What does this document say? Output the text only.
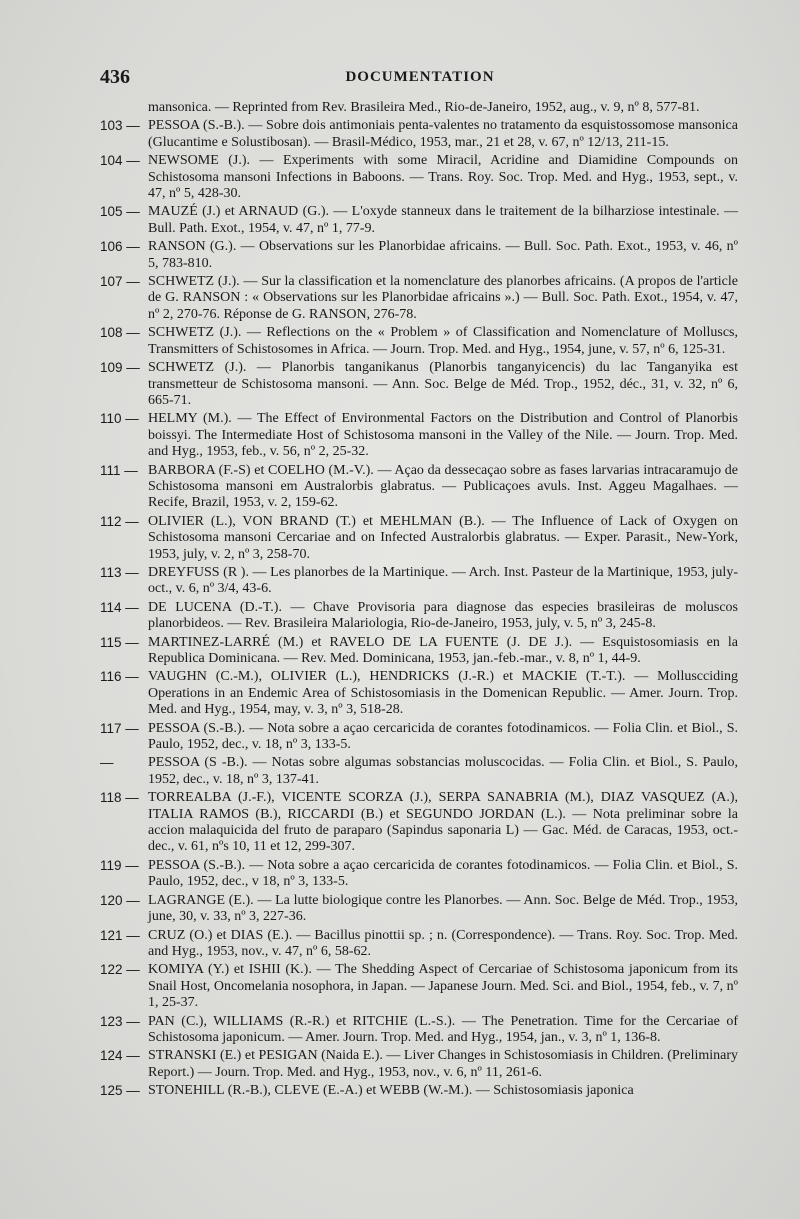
436	DOCUMENTATION
mansonica. — Reprinted from Rev. Brasileira Med., Rio-de-Janeiro, 1952, aug., v. 9, nº 8, 577-81.
103 — PESSOA (S.-B.). — Sobre dois antimoniais penta-valentes no tratamento da esquistossomose mansonica (Glucantime e Solustibosan). — Brasil-Médico, 1953, mar., 21 et 28, v. 67, nº 12/13, 211-15.
104 — NEWSOME (J.). — Experiments with some Miracil, Acridine and Diamidine Compounds on Schistosoma mansoni Infections in Baboons. — Trans. Roy. Soc. Trop. Med. and Hyg., 1953, sept., v. 47, nº 5, 428-30.
105 — MAUZÉ (J.) et ARNAUD (G.). — L'oxyde stanneux dans le traitement de la bilharziose intestinale. — Bull. Path. Exot., 1954, v. 47, nº 1, 77-9.
106 — RANSON (G.). — Observations sur les Planorbidae africains. — Bull. Soc. Path. Exot., 1953, v. 46, nº 5, 783-810.
107 — SCHWETZ (J.). — Sur la classification et la nomenclature des planorbes africains. (A propos de l'article de G. RANSON : « Observations sur les Planorbidae africains ».) — Bull. Soc. Path. Exot., 1954, v. 47, nº 2, 270-76. Réponse de G. RANSON, 276-78.
108 — SCHWETZ (J.). — Reflections on the « Problem » of Classification and Nomenclature of Molluscs, Transmitters of Schistosomes in Africa. — Journ. Trop. Med. and Hyg., 1954, june, v. 57, nº 6, 125-31.
109 — SCHWETZ (J.). — Planorbis tanganikanus (Planorbis tanganyicencis) du lac Tanganyika est transmetteur de Schistosoma mansoni. — Ann. Soc. Belge de Méd. Trop., 1952, déc., 31, v. 32, nº 6, 665-71.
110 — HELMY (M.). — The Effect of Environmental Factors on the Distribution and Control of Planorbis boissyi. The Intermediate Host of Schistosoma mansoni in the Valley of the Nile. — Journ. Trop. Med. and Hyg., 1953, feb., v. 56, nº 2, 25-32.
111 — BARBORA (F.-S) et COELHO (M.-V.). — Açao da dessecaçao sobre as fases larvarias intracaramujo de Schistosoma mansoni em Australorbis glabratus. — Publicaçoes avuls. Inst. Aggeu Magalhaes. — Recife, Brazil, 1953, v. 2, 159-62.
112 — OLIVIER (L.), VON BRAND (T.) et MEHLMAN (B.). — The Influence of Lack of Oxygen on Schistosoma mansoni Cercariae and on Infected Australorbis glabratus. — Exper. Parasit., New-York, 1953, july, v. 2, nº 3, 258-70.
113 — DREYFUSS (R ). — Les planorbes de la Martinique. — Arch. Inst. Pasteur de la Martinique, 1953, july-oct., v. 6, nº 3/4, 43-6.
114 — DE LUCENA (D.-T.). — Chave Provisoria para diagnose das especies brasileiras de moluscos planorbideos. — Rev. Brasileira Malariologia, Rio-de-Janeiro, 1953, july, v. 5, nº 3, 245-8.
115 — MARTINEZ-LARRÉ (M.) et RAVELO DE LA FUENTE (J. DE J.). — Esquistosomiasis en la Republica Dominicana. — Rev. Med. Dominicana, 1953, jan.-feb.-mar., v. 8, nº 1, 44-9.
116 — VAUGHN (C.-M.), OLIVIER (L.), HENDRICKS (J.-R.) et MACKIE (T.-T.). — Molluscciding Operations in an Endemic Area of Schistosomiasis in the Domenican Republic. — Amer. Journ. Trop. Med. and Hyg., 1954, may, v. 3, nº 3, 518-28.
117 — PESSOA (S.-B.). — Nota sobre a açao cercaricida de corantes fotodinamicos. — Folia Clin. et Biol., S. Paulo, 1952, dec., v. 18, nº 3, 133-5.
—	PESSOA (S -B.). — Notas sobre algumas sobstancias moluscocidas. — Folia Clin. et Biol., S. Paulo, 1952, dec., v. 18, nº 3, 137-41.
118 — TORREALBA (J.-F.), VICENTE SCORZA (J.), SERPA SANABRIA (M.), DIAZ VASQUEZ (A.), ITALIA RAMOS (B.), RICCARDI (B.) et SEGUNDO JORDAN (L.). — Nota preliminar sobre la accion malaquicida del fruto de paraparo (Sapindus saponaria L) — Gac. Méd. de Caracas, 1953, oct.-dec., v. 61, nºs 10, 11 et 12, 299-307.
119 — PESSOA (S.-B.). — Nota sobre a açao cercaricida de corantes fotodinamicos. — Folia Clin. et Biol., S. Paulo, 1952, dec., v 18, nº 3, 133-5.
120 — LAGRANGE (E.). — La lutte biologique contre les Planorbes. — Ann. Soc. Belge de Méd. Trop., 1953, june, 30, v. 33, nº 3, 227-36.
121 — CRUZ (O.) et DIAS (E.). — Bacillus pinottii sp. ; n. (Correspondence). — Trans. Roy. Soc. Trop. Med. and Hyg., 1953, nov., v. 47, nº 6, 58-62.
122 — KOMIYA (Y.) et ISHII (K.). — The Shedding Aspect of Cercariae of Schistosoma japonicum from its Snail Host, Oncomelania nosophora, in Japan. — Japanese Journ. Med. Sci. and Biol., 1954, feb., v. 7, nº 1, 25-37.
123 — PAN (C.), WILLIAMS (R.-R.) et RITCHIE (L.-S.). — The Penetration. Time for the Cercariae of Schistosoma japonicum. — Amer. Journ. Trop. Med. and Hyg., 1954, jan., v. 3, nº 1, 136-8.
124 — STRANSKI (E.) et PESIGAN (Naida E.). — Liver Changes in Schistosomiasis in Children. (Preliminary Report.) — Journ. Trop. Med. and Hyg., 1953, nov., v. 6, nº 11, 261-6.
125 — STONEHILL (R.-B.), CLEVE (E.-A.) et WEBB (W.-M.). — Schistosomiasis japonica
